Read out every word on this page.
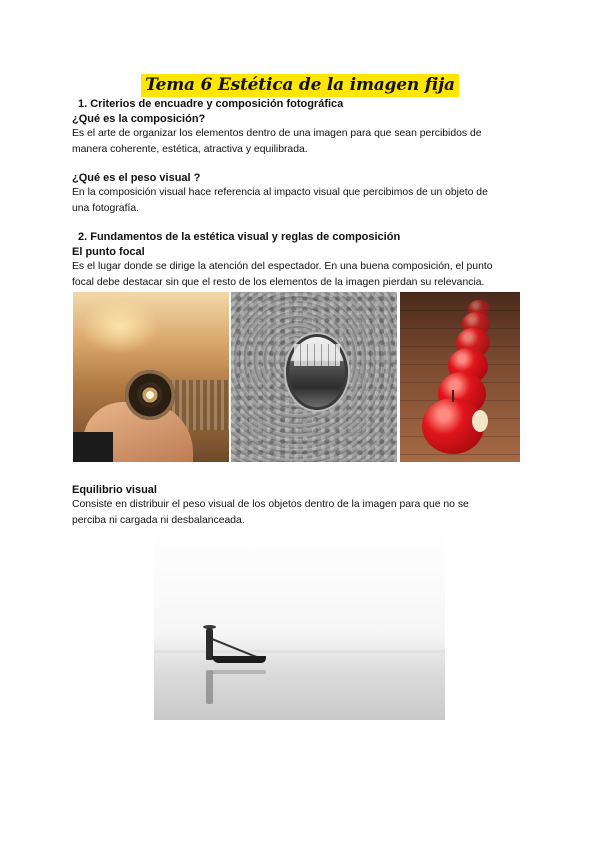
Tema 6 Estética de la imagen fija
1. Criterios de encuadre y composición fotográfica
¿Qué es la composición?
Es el arte de organizar los elementos dentro de una imagen para que sean percibidos de
manera coherente, estética, atractiva y equilibrada.
¿Qué es el peso visual ?
En la composición visual hace referencia al impacto visual que percibimos de un objeto de
una fotografía.
2. Fundamentos de la estética visual y reglas de composición
El punto focal
Es el lugar donde se dirige la atención del espectador. En una buena composición, el punto
focal debe destacar sin que el resto de los elementos de la imagen pierdan su relevancia.
Equilibrio visual
Consiste en distribuir el peso visual de los objetos dentro de la imagen para que no se
perciba ni cargada ni desbalanceada.
